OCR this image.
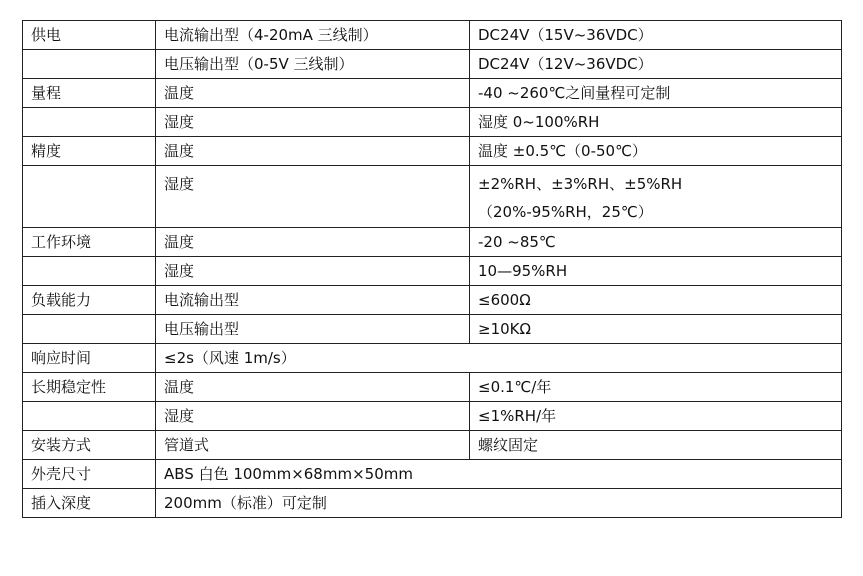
供电	电流输出型（4-20mA 三线制）	DC24V（15V~36VDC）
	电压输出型（0-5V 三线制）	DC24V（12V~36VDC）
量程	温度	-40 ~260℃之间量程可定制
	湿度	湿度 0~100%RH
精度	温度	温度 ±0.5℃（0-50℃）
	湿度	±2%RH、±3%RH、±5%RH
（20%-95%RH，25℃）

工作环境	温度	-20 ~85℃
	湿度	10—95%RH
负载能力	电流输出型	≤600Ω
	电压输出型	≥10KΩ
响应时间	≤2s（风速 1m/s）	
长期稳定性	温度	≤0.1℃/年
	湿度	≤1%RH/年
安装方式	管道式	螺纹固定
外壳尺寸	ABS 白色 100mm×68mm×50mm	
插入深度	200mm（标准）可定制	
